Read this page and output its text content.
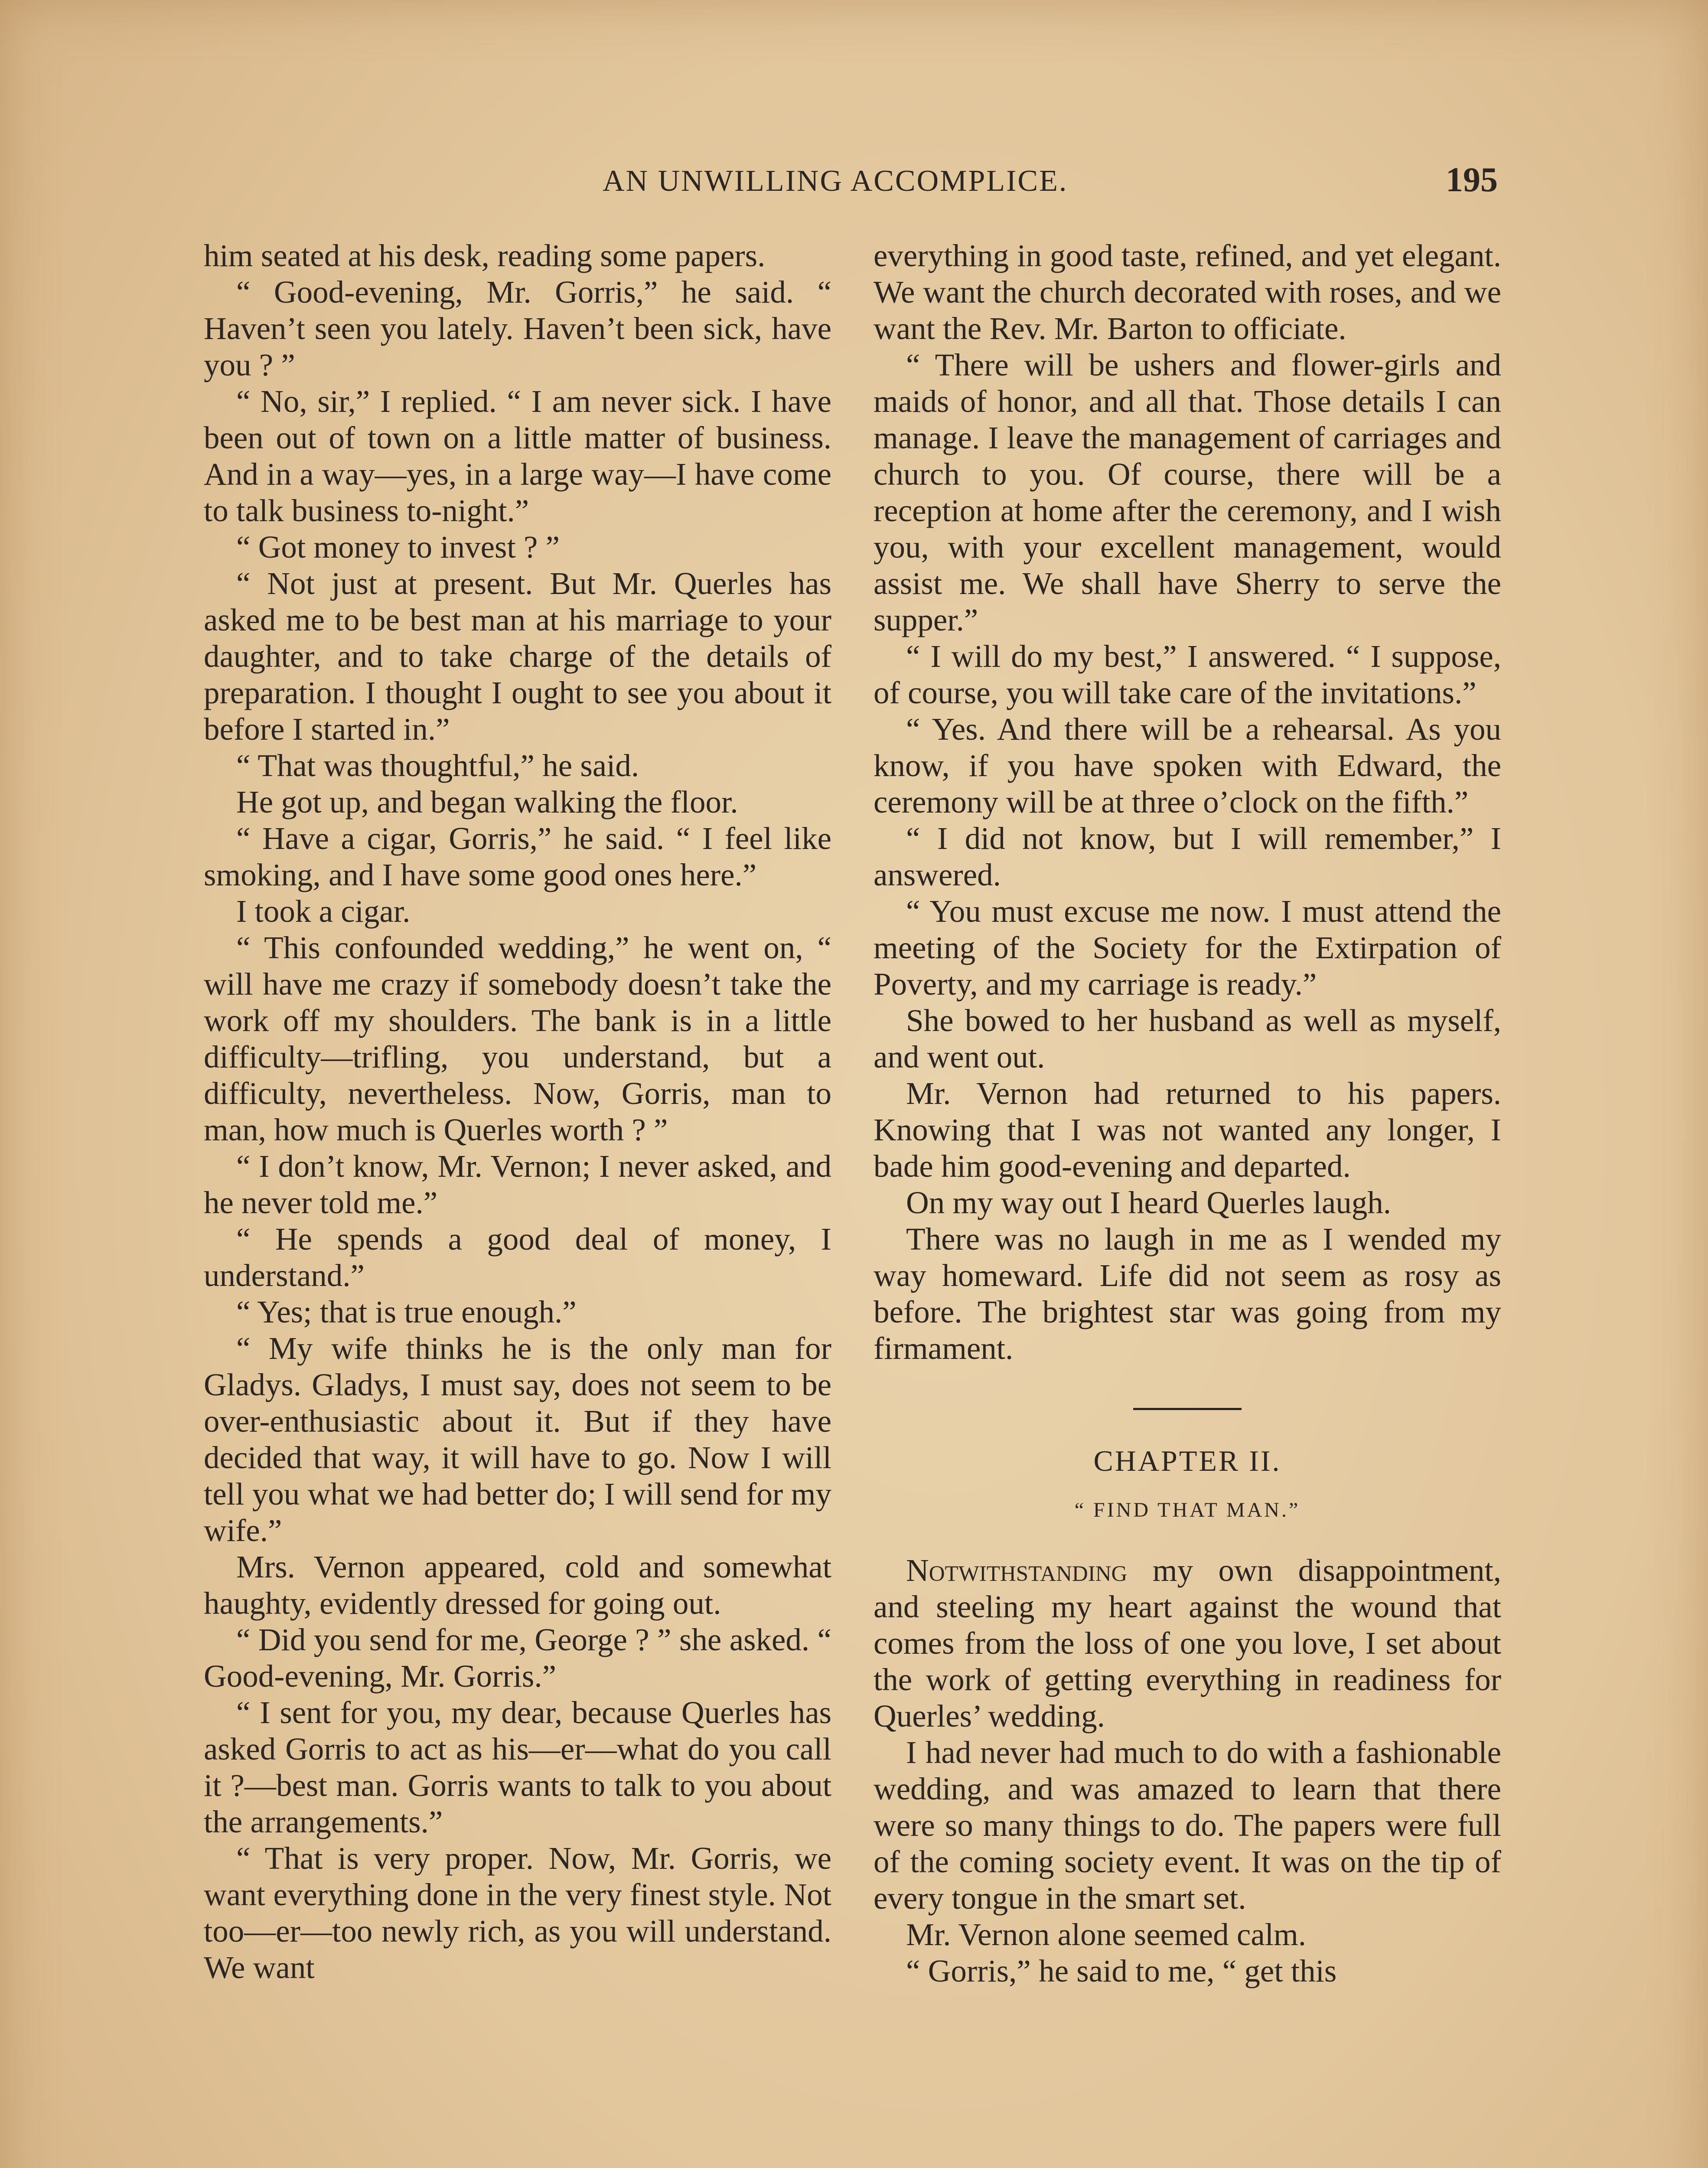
AN UNWILLING ACCOMPLICE.	195

him seated at his desk, reading some papers.

“ Good-evening, Mr. Gorris,” he said. “ Haven’t seen you lately. Haven’t been sick, have you ? ”

“ No, sir,” I replied. “ I am never sick. I have been out of town on a little matter of business. And in a way—yes, in a large way—I have come to talk business to-night.”

“ Got money to invest ? ”

“ Not just at present. But Mr. Querles has asked me to be best man at his marriage to your daughter, and to take charge of the details of preparation. I thought I ought to see you about it before I started in.”

“ That was thoughtful,” he said.

He got up, and began walking the floor.

“ Have a cigar, Gorris,” he said. “ I feel like smoking, and I have some good ones here.”

I took a cigar.

“ This confounded wedding,” he went on, “ will have me crazy if somebody doesn’t take the work off my shoulders. The bank is in a little difficulty—trifling, you understand, but a difficulty, nevertheless. Now, Gorris, man to man, how much is Querles worth ? ”

“ I don’t know, Mr. Vernon; I never asked, and he never told me.”

“ He spends a good deal of money, I understand.”

“ Yes; that is true enough.”

“ My wife thinks he is the only man for Gladys. Gladys, I must say, does not seem to be over-enthusiastic about it. But if they have decided that way, it will have to go. Now I will tell you what we had better do; I will send for my wife.”

Mrs. Vernon appeared, cold and somewhat haughty, evidently dressed for going out.

“ Did you send for me, George ? ” she asked. “ Good-evening, Mr. Gorris.”

“ I sent for you, my dear, because Querles has asked Gorris to act as his—er—what do you call it ?—best man. Gorris wants to talk to you about the arrangements.”

“ That is very proper. Now, Mr. Gorris, we want everything done in the very finest style. Not too—er—too newly rich, as you will understand. We want

everything in good taste, refined, and yet elegant. We want the church decorated with roses, and we want the Rev. Mr. Barton to officiate.

“ There will be ushers and flower-girls and maids of honor, and all that. Those details I can manage. I leave the management of carriages and church to you. Of course, there will be a reception at home after the ceremony, and I wish you, with your excellent management, would assist me. We shall have Sherry to serve the supper.”

“ I will do my best,” I answered. “ I suppose, of course, you will take care of the invitations.”

“ Yes. And there will be a rehearsal. As you know, if you have spoken with Edward, the ceremony will be at three o’clock on the fifth.”

“ I did not know, but I will remember,” I answered.

“ You must excuse me now. I must attend the meeting of the Society for the Extirpation of Poverty, and my carriage is ready.”

She bowed to her husband as well as myself, and went out.

Mr. Vernon had returned to his papers. Knowing that I was not wanted any longer, I bade him good-evening and departed.

On my way out I heard Querles laugh.

There was no laugh in me as I wended my way homeward. Life did not seem as rosy as before. The brightest star was going from my firmament.

CHAPTER II.
“ FIND THAT MAN.”

Notwithstanding my own disappointment, and steeling my heart against the wound that comes from the loss of one you love, I set about the work of getting everything in readiness for Querles’ wedding.

I had never had much to do with a fashionable wedding, and was amazed to learn that there were so many things to do. The papers were full of the coming society event. It was on the tip of every tongue in the smart set.

Mr. Vernon alone seemed calm.

“ Gorris,” he said to me, “ get this
